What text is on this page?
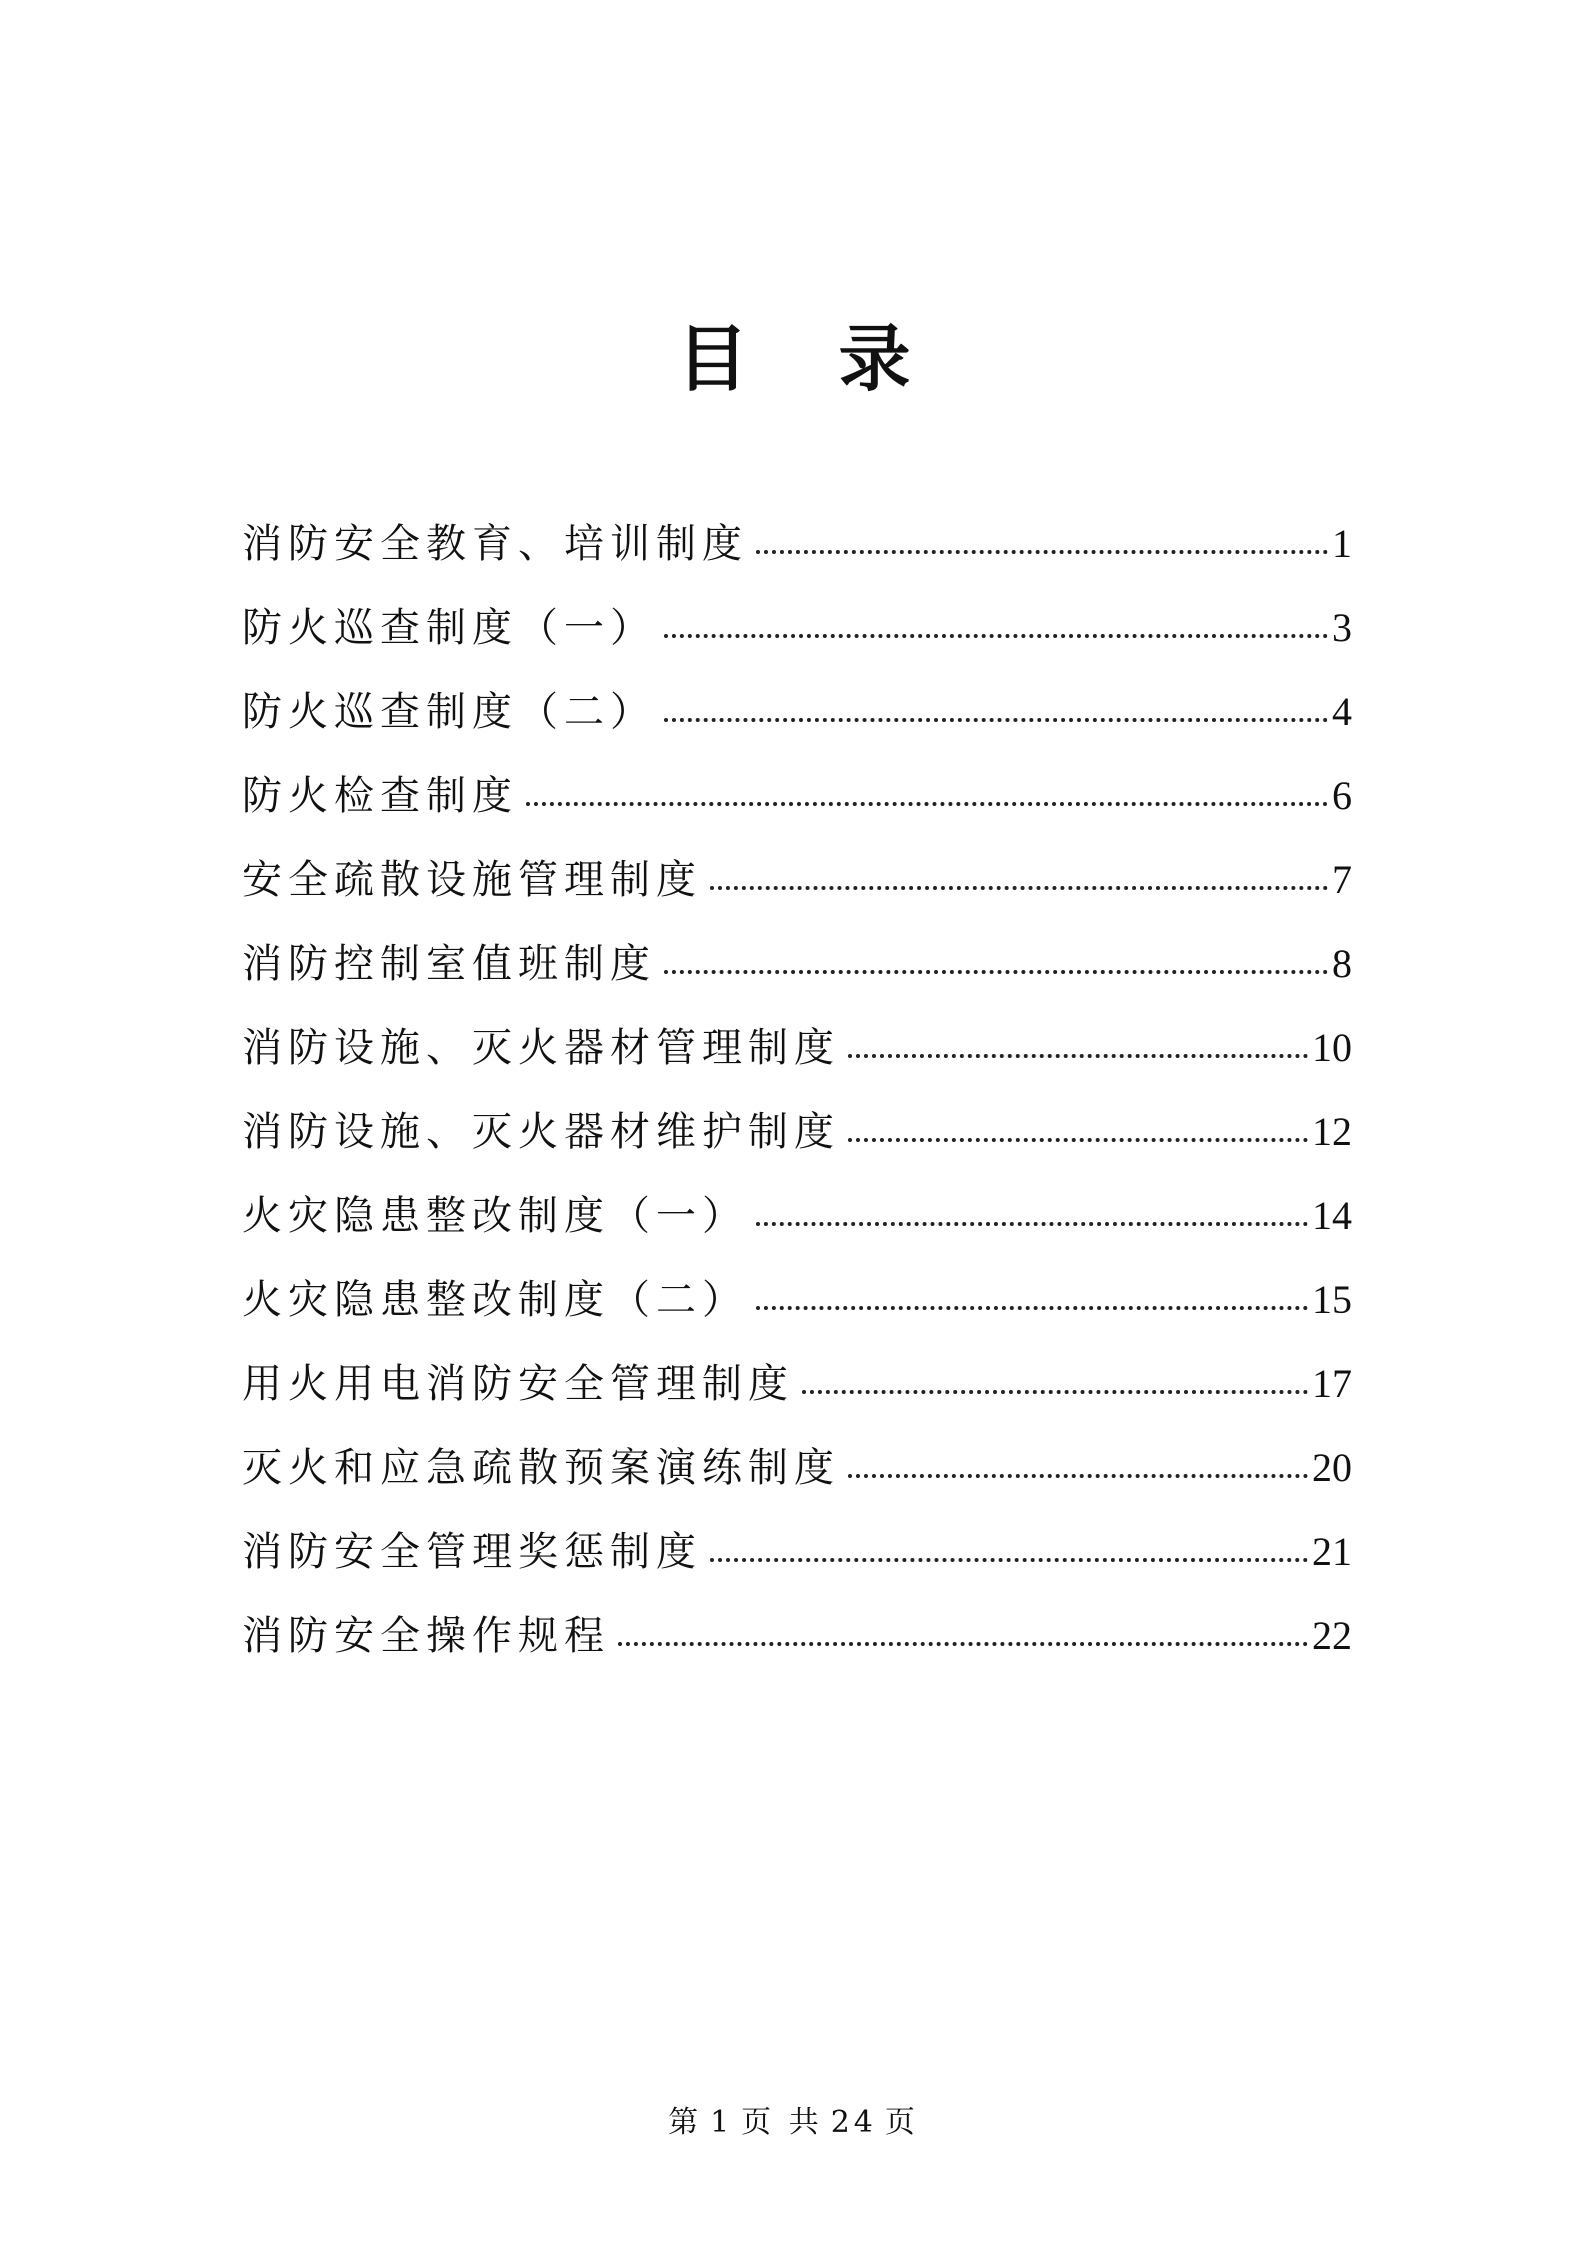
目 录
消防安全教育、培训制度	1
防火巡查制度（一）	3
防火巡查制度（二）	4
防火检查制度	6
安全疏散设施管理制度	7
消防控制室值班制度	8
消防设施、灭火器材管理制度	10
消防设施、灭火器材维护制度	12
火灾隐患整改制度（一）	14
火灾隐患整改制度（二）	15
用火用电消防安全管理制度	17
灭火和应急疏散预案演练制度	20
消防安全管理奖惩制度	21
消防安全操作规程	22
第 1 页 共 24 页
